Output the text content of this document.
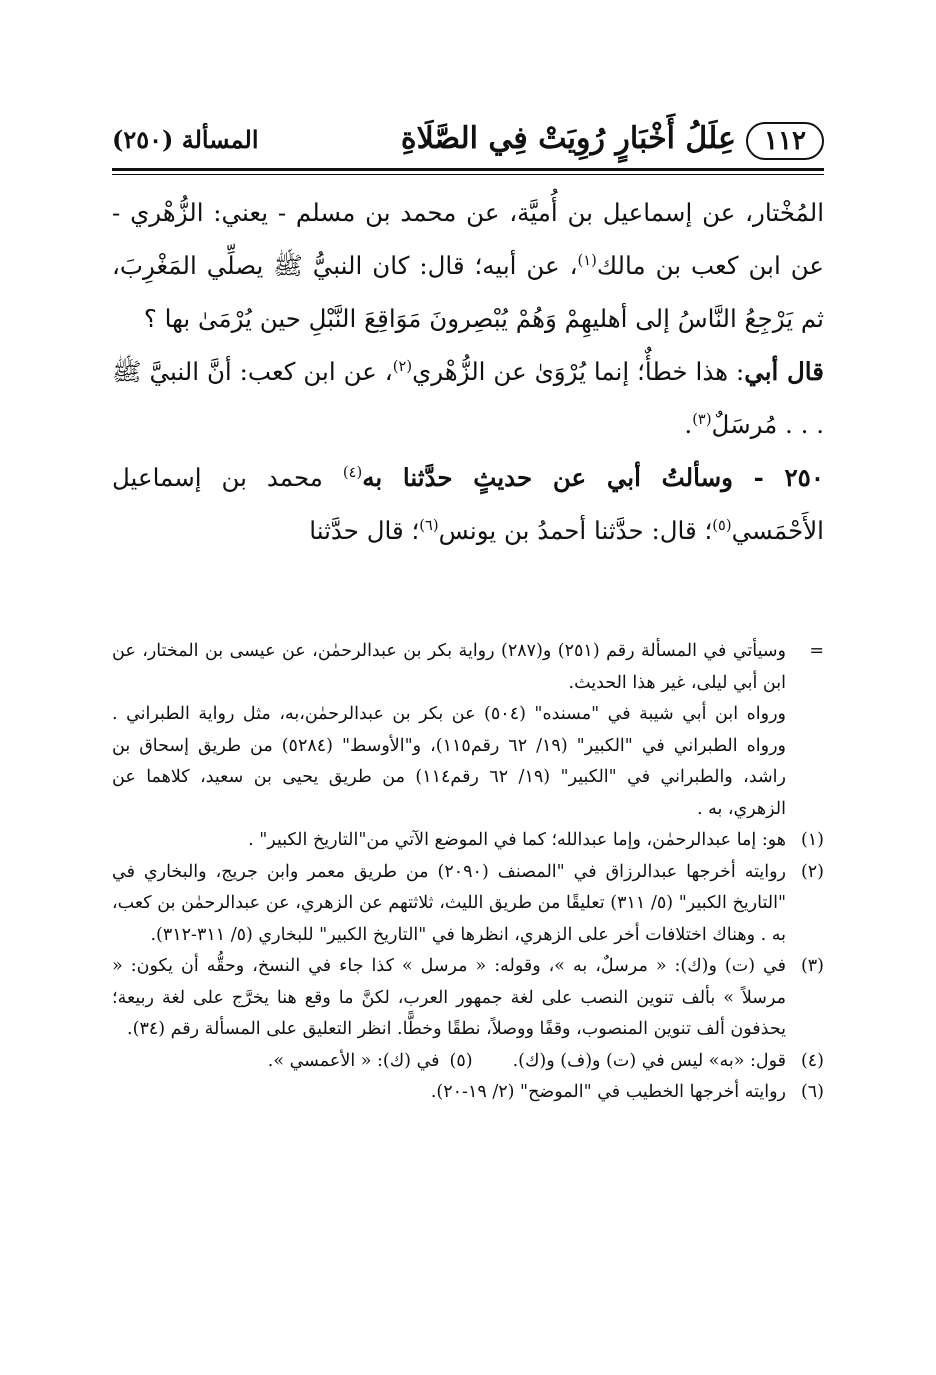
١١٢
عِلَلُ أَخْبَارٍ رُوِيَتْ فِي الصَّلَاةِ
المسألة (٢٥٠)

المُخْتار، عن إسماعيل بن أُميَّة، عن محمد بن مسلم - يعني: الزُّهْري - عن ابن كعب بن مالك$^{(١)}$، عن أبيه؛ قال: كان النبيُّ ﷺ يصلِّي المَغْرِبَ، ثم يَرْجِعُ النَّاسُ إلى أهليهِمْ وَهُمْ يُبْصِرونَ مَوَاقِعَ النَّبْلِ حين يُرْمَىٰ بها ؟

قال أبي: هذا خطأٌ؛ إنما يُرْوَىٰ عن الزُّهْري$^{(٢)}$، عن ابن كعب: أنَّ النبيَّ ﷺ . . . مُرسَلٌ$^{(٣)}$.

٢٥٠ - وسألتُ أبي عن حديثٍ حدَّثنا به$^{(٤)}$ محمد بن إسماعيل الأَحْمَسي$^{(٥)}$؛ قال: حدَّثنا أحمدُ بن يونس$^{(٦)}$؛ قال حدَّثنا

=

وسيأتي في المسألة رقم (٢٥١) و(٢٨٧) رواية بكر بن عبدالرحمٰن، عن عيسى بن المختار، عن ابن أبي ليلى، غير هذا الحديث.

ورواه ابن أبي شيبة في "مسنده" (٥٠٤) عن بكر بن عبدالرحمٰن،به، مثل رواية الطبراني . ورواه الطبراني في "الكبير" (١٩/ ٦٢ رقم١١٥)، و"الأوسط" (٥٢٨٤) من طريق إسحاق بن راشد، والطبراني في "الكبير" (١٩/ ٦٢ رقم١١٤) من طريق يحيى بن سعيد، كلاهما عن الزهري، به .

(١)
هو: إما عبدالرحمٰن، وإما عبدالله؛ كما في الموضع الآتي من"التاريخ الكبير" .
(٢)
روايته أخرجها عبدالرزاق في "المصنف (٢٠٩٠) من طريق معمر وابن جريج، والبخاري في "التاريخ الكبير" (٥/ ٣١١) تعليقًا من طريق الليث، ثلاثتهم عن الزهري، عن عبدالرحمٰن بن كعب، به . وهناك اختلافات أخر على الزهري، انظرها في "التاريخ الكبير" للبخاري (٥/ ٣١١-٣١٢).
(٣)
في (ت) و(ك): « مرسلٌ، به »، وقوله: « مرسل » كذا جاء في النسخ، وحقُّه أن يكون: « مرسلاً » بألف تنوين النصب على لغة جمهور العرب، لكنَّ ما وقع هنا يخرَّج على لغة ربيعة؛ يحذفون ألف تنوين المنصوب، وقفًا ووصلاً، نطقًا وخطًّا. انظر التعليق على المسألة رقم (٣٤).
(٤)
قول: «به» ليس في (ت) و(ف) و(ك).
(٥)
في (ك): « الأعمسي ».
(٦)
روايته أخرجها الخطيب في "الموضح" (٢/ ١٩-٢٠).
